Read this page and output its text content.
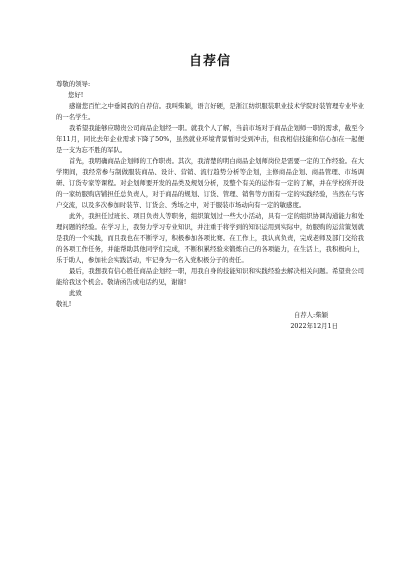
自荐信

尊敬的领导:

您好!

感谢您百忙之中垂阅我的自荐信。我叫柴颖，语言好硬，是浙江纺织服装职业技术学院时装管理专业毕业的一名学生。

我希望我能够应聘贵公司商品企划经一职。就我个人了解，当前市场对于商品企划师一职的需求，截至今年11月，同比去年企业需求下降了50%，虽然就业环境背景暂时受到冲击，但我相信技能和信心加在一起便是一支为忘不胜的军队。

首先，我明确商品企划师的工作职责。其次，我清楚的明白商品企划师岗位是需要一定的工作经验。在大学期间，我经常参与制做服装商品、设计、营销、流行趋势分析等企划，主修商品企划、商品管理、市场调研、订货专家等课程。对企划师要开发的品类及规划分析，及整个有关的运作有一定的了解，并在学校所开设的一家纺服购店铺担任总负责人，对于商品的规划、订货、管理、销售等方面有一定的实践经验，当然在与客户交流，以及多次参加时装节、订货会、秀场之中，对于服装市场动向有一定的敏感度。

此外，我担任过班长、项目负责人等职务，组织策划过一些大小活动，具有一定的组织协调沟通能力和处理问题的经验。在学习上，我努力学习专业知识，并注重于将学到的知识运用到实际中，纺服购的运营策划就是我的一个实践，而且我也在不断学习，积极参加各项比赛。在工作上，我认真负责，完成老师及部门交给我的各项工作任务，并能帮助其他同学们完成，不断积累经验来锻炼自己的各项能力，在生活上，我积极向上，乐于助人，参加社会实践活动，牢记身为一名入党积极分子的责任。

最后，我想我有信心胜任商品企划经一职，用我自身的技能知识和实践经验去解决相关问题。希望贵公司能给我这个机会。敬请函告或电话约见，谢谢!

此致

敬礼!

自荐人:柴颖

2022年12月1日
